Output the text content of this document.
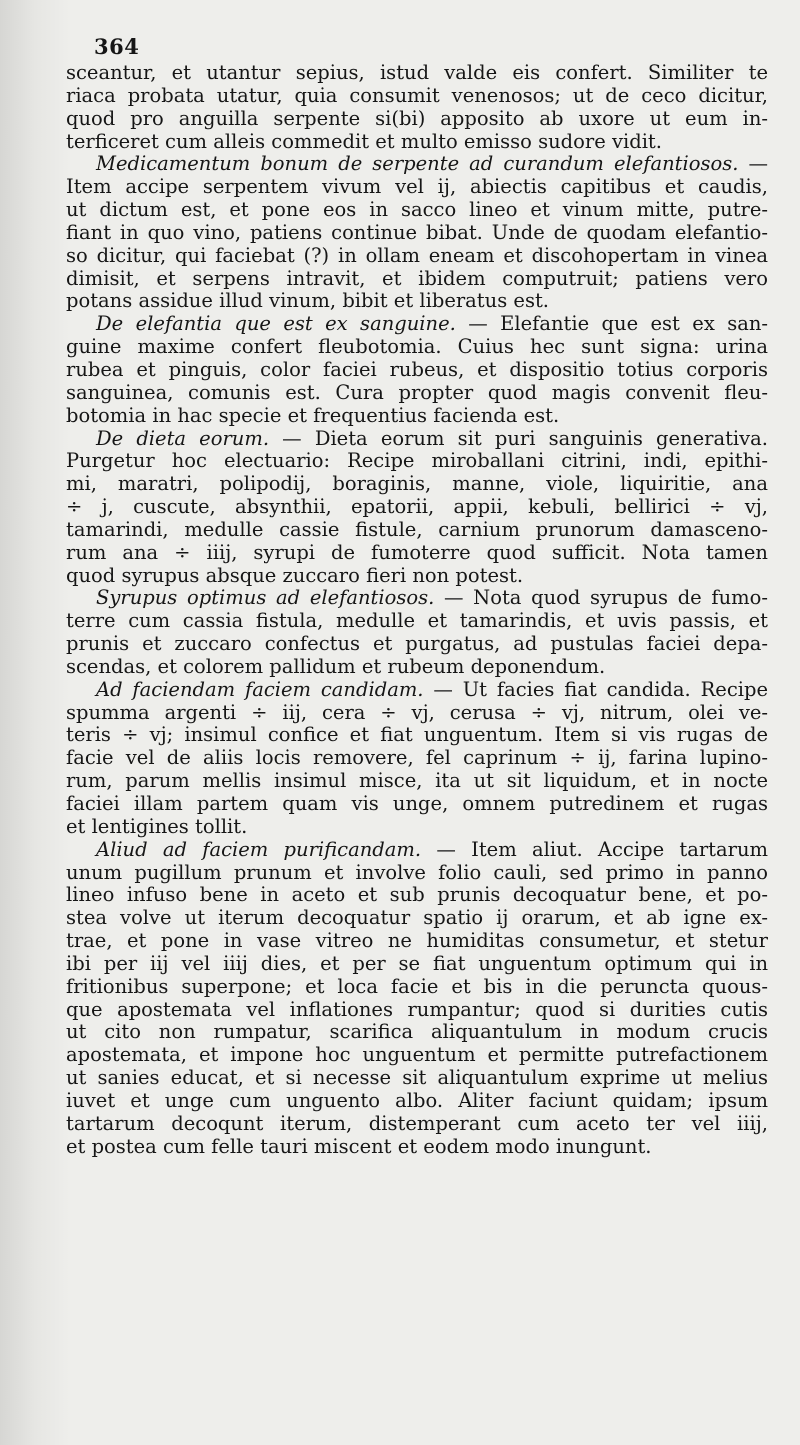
364
sceantur, et utantur sepius, istud valde eis confert. Similiter te
riaca probata utatur, quia consumit venenosos; ut de ceco dicitur,
quod pro anguilla serpente si(bi) apposito ab uxore ut eum in-
terficeret cum alleis commedit et multo emisso sudore vidit.
Medicamentum bonum de serpente ad curandum elefantiosos. —
Item accipe serpentem vivum vel ij, abiectis capitibus et caudis,
ut dictum est, et pone eos in sacco lineo et vinum mitte, putre-
fiant in quo vino, patiens continue bibat. Unde de quodam elefantio-
so dicitur, qui faciebat (?) in ollam eneam et discohopertam in vinea
dimisit, et serpens intravit, et ibidem computruit; patiens vero
potans assidue illud vinum, bibit et liberatus est.
De elefantia que est ex sanguine. — Elefantie que est ex san-
guine maxime confert fleubotomia. Cuius hec sunt signa: urina
rubea et pinguis, color faciei rubeus, et dispositio totius corporis
sanguinea, comunis est. Cura propter quod magis convenit fleu-
botomia in hac specie et frequentius facienda est.
De dieta eorum. — Dieta eorum sit puri sanguinis generativa.
Purgetur hoc electuario: Recipe miroballani citrini, indi, epithi-
mi, maratri, polipodij, boraginis, manne, viole, liquiritie, ana
÷ j, cuscute, absynthii, epatorii, appii, kebuli, bellirici ÷ vj,
tamarindi, medulle cassie fistule, carnium prunorum damasceno-
rum ana ÷ iiij, syrupi de fumoterre quod sufficit. Nota tamen
quod syrupus absque zuccaro fieri non potest.
Syrupus optimus ad elefantiosos. — Nota quod syrupus de fumo-
terre cum cassia fistula, medulle et tamarindis, et uvis passis, et
prunis et zuccaro confectus et purgatus, ad pustulas faciei depa-
scendas, et colorem pallidum et rubeum deponendum.
Ad faciendam faciem candidam. — Ut facies fiat candida. Recipe
spumma argenti ÷ iij, cera ÷ vj, cerusa ÷ vj, nitrum, olei ve-
teris ÷ vj; insimul confice et fiat unguentum. Item si vis rugas de
facie vel de aliis locis removere, fel caprinum ÷ ij, farina lupino-
rum, parum mellis insimul misce, ita ut sit liquidum, et in nocte
faciei illam partem quam vis unge, omnem putredinem et rugas
et lentigines tollit.
Aliud ad faciem purificandam. — Item aliut. Accipe tartarum
unum pugillum prunum et involve folio cauli, sed primo in panno
lineo infuso bene in aceto et sub prunis decoquatur bene, et po-
stea volve ut iterum decoquatur spatio ij orarum, et ab igne ex-
trae, et pone in vase vitreo ne humiditas consumetur, et stetur
ibi per iij vel iiij dies, et per se fiat unguentum optimum qui in
fritionibus superpone; et loca facie et bis in die perunctа quous-
que apostemata vel inflationes rumpantur; quod si durities cutis
ut cito non rumpatur, scarifica aliquantulum in modum crucis
apostemata, et impone hoc unguentum et permitte putrefactionem
ut sanies educat, et si necesse sit aliquantulum exprime ut melius
iuvet et unge cum unguento albo. Aliter faciunt quidam; ipsum
tartarum decoqunt iterum, distemperant cum aceto ter vel iiij,
et postea cum felle tauri miscent et eodem modo inungunt.
